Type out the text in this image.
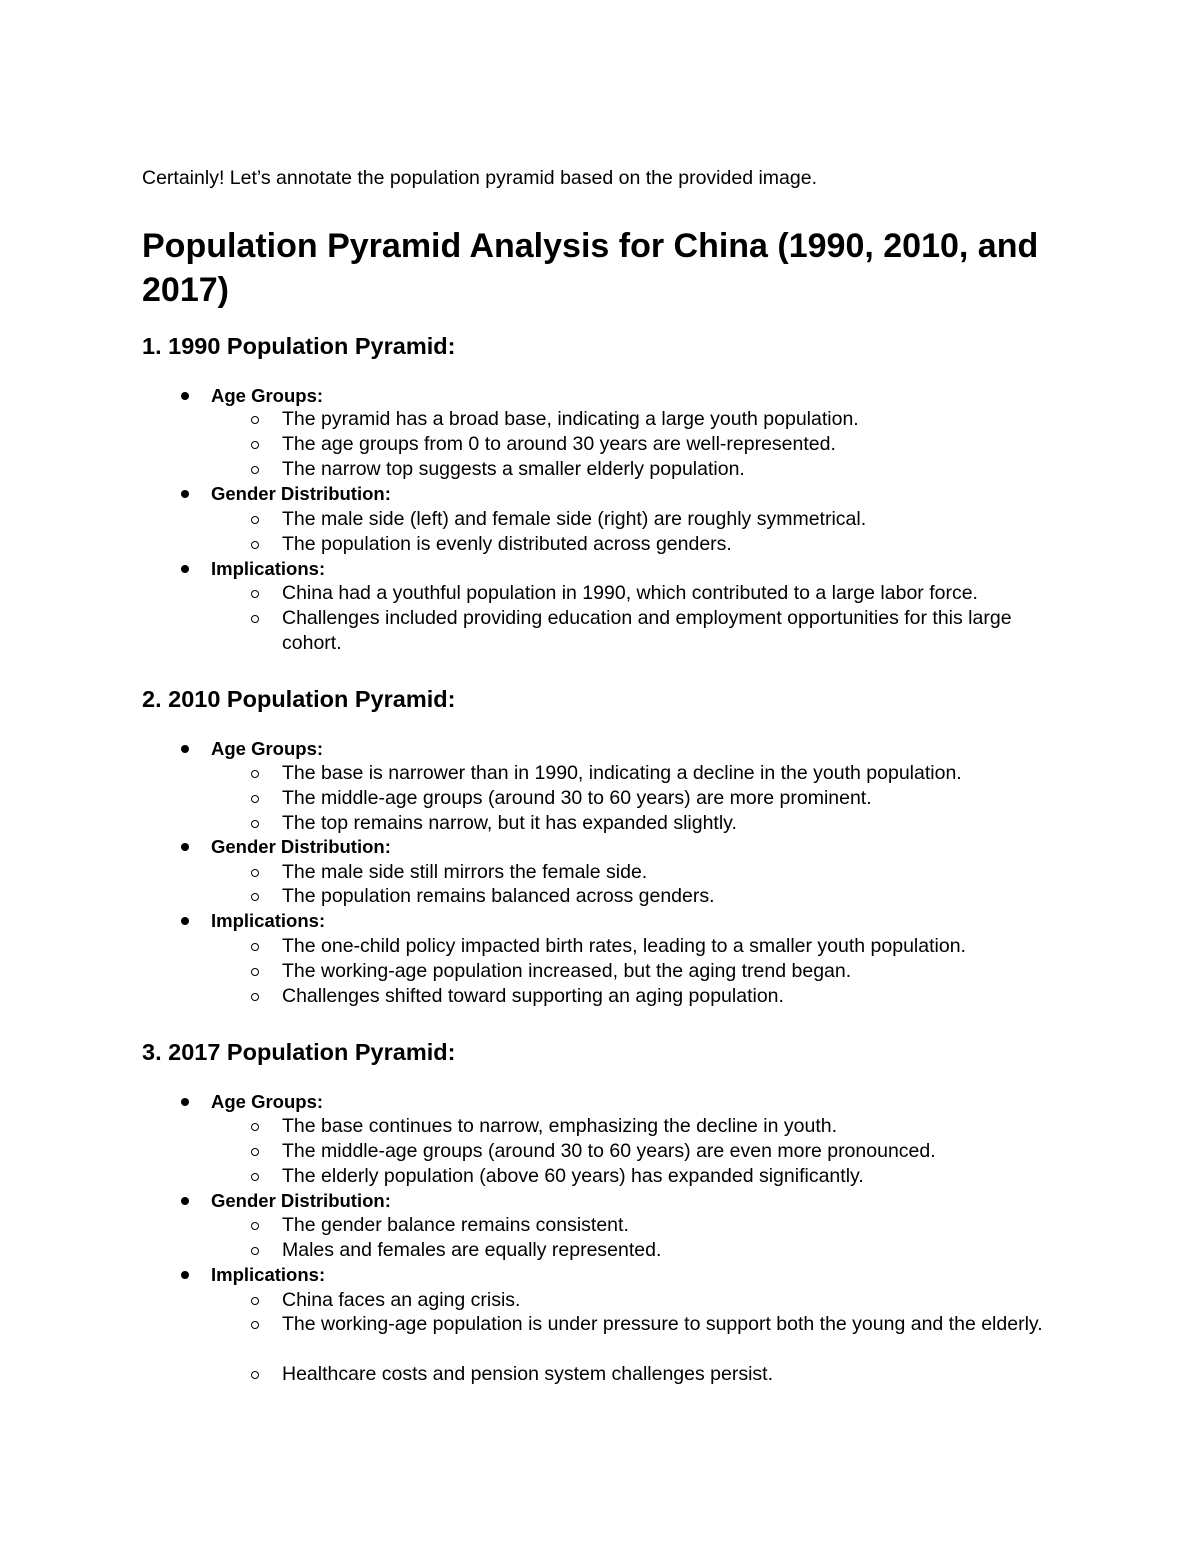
Certainly! Let’s annotate the population pyramid based on the provided image.
Population Pyramid Analysis for China (1990, 2010, and 2017)
1. 1990 Population Pyramid:
Age Groups:
The pyramid has a broad base, indicating a large youth population.
The age groups from 0 to around 30 years are well-represented.
The narrow top suggests a smaller elderly population.
Gender Distribution:
The male side (left) and female side (right) are roughly symmetrical.
The population is evenly distributed across genders.
Implications:
China had a youthful population in 1990, which contributed to a large labor force.
Challenges included providing education and employment opportunities for this large cohort.
2. 2010 Population Pyramid:
Age Groups:
The base is narrower than in 1990, indicating a decline in the youth population.
The middle-age groups (around 30 to 60 years) are more prominent.
The top remains narrow, but it has expanded slightly.
Gender Distribution:
The male side still mirrors the female side.
The population remains balanced across genders.
Implications:
The one-child policy impacted birth rates, leading to a smaller youth population.
The working-age population increased, but the aging trend began.
Challenges shifted toward supporting an aging population.
3. 2017 Population Pyramid:
Age Groups:
The base continues to narrow, emphasizing the decline in youth.
The middle-age groups (around 30 to 60 years) are even more pronounced.
The elderly population (above 60 years) has expanded significantly.
Gender Distribution:
The gender balance remains consistent.
Males and females are equally represented.
Implications:
China faces an aging crisis.
The working-age population is under pressure to support both the young and the elderly.
Healthcare costs and pension system challenges persist.
